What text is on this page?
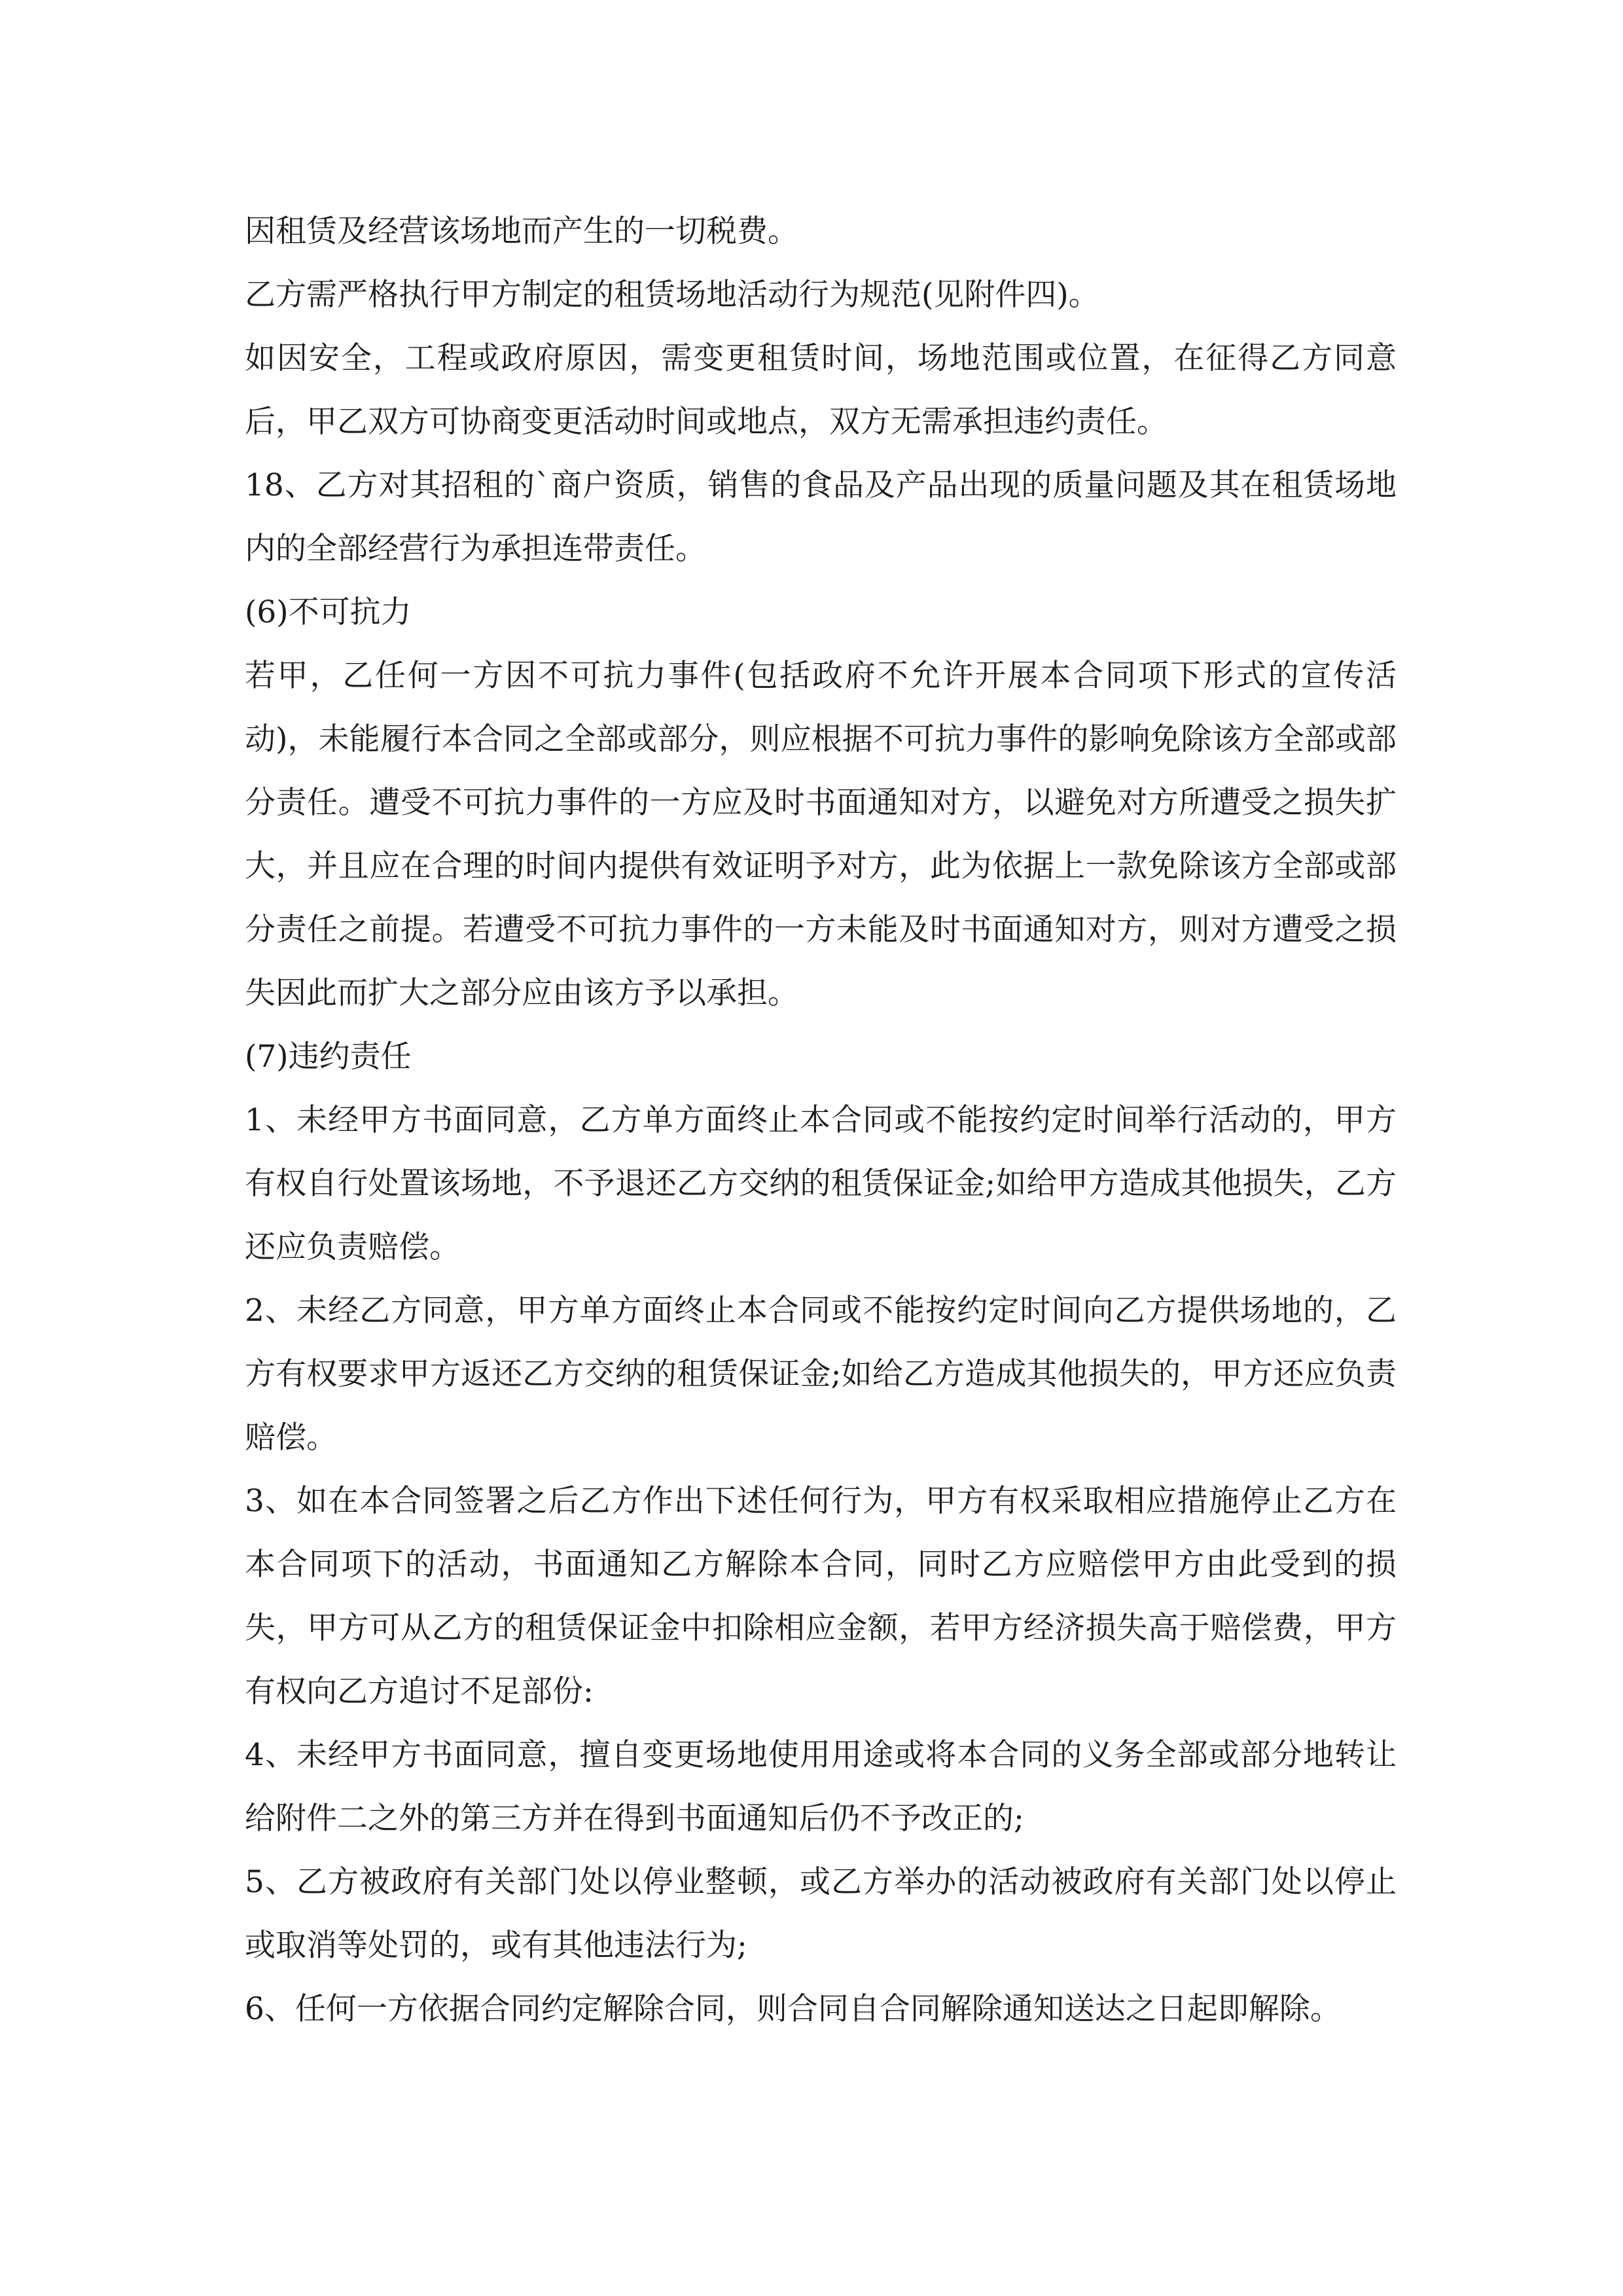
因租赁及经营该场地而产生的一切税费。

乙方需严格执行甲方制定的租赁场地活动行为规范(见附件四)。

如因安全，工程或政府原因，需变更租赁时间，场地范围或位置，在征得乙方同意后，甲乙双方可协商变更活动时间或地点，双方无需承担违约责任。

18、乙方对其招租的`商户资质，销售的食品及产品出现的质量问题及其在租赁场地内的全部经营行为承担连带责任。

(6)不可抗力

若甲，乙任何一方因不可抗力事件(包括政府不允许开展本合同项下形式的宣传活动)，未能履行本合同之全部或部分，则应根据不可抗力事件的影响免除该方全部或部分责任。遭受不可抗力事件的一方应及时书面通知对方，以避免对方所遭受之损失扩大，并且应在合理的时间内提供有效证明予对方，此为依据上一款免除该方全部或部分责任之前提。若遭受不可抗力事件的一方未能及时书面通知对方，则对方遭受之损失因此而扩大之部分应由该方予以承担。

(7)违约责任

1、未经甲方书面同意，乙方单方面终止本合同或不能按约定时间举行活动的，甲方有权自行处置该场地，不予退还乙方交纳的租赁保证金;如给甲方造成其他损失，乙方还应负责赔偿。

2、未经乙方同意，甲方单方面终止本合同或不能按约定时间向乙方提供场地的，乙方有权要求甲方返还乙方交纳的租赁保证金;如给乙方造成其他损失的，甲方还应负责赔偿。

3、如在本合同签署之后乙方作出下述任何行为，甲方有权采取相应措施停止乙方在本合同项下的活动，书面通知乙方解除本合同，同时乙方应赔偿甲方由此受到的损失，甲方可从乙方的租赁保证金中扣除相应金额，若甲方经济损失高于赔偿费，甲方有权向乙方追讨不足部份:

4、未经甲方书面同意，擅自变更场地使用用途或将本合同的义务全部或部分地转让给附件二之外的第三方并在得到书面通知后仍不予改正的;

5、乙方被政府有关部门处以停业整顿，或乙方举办的活动被政府有关部门处以停止或取消等处罚的，或有其他违法行为;

6、任何一方依据合同约定解除合同，则合同自合同解除通知送达之日起即解除。
